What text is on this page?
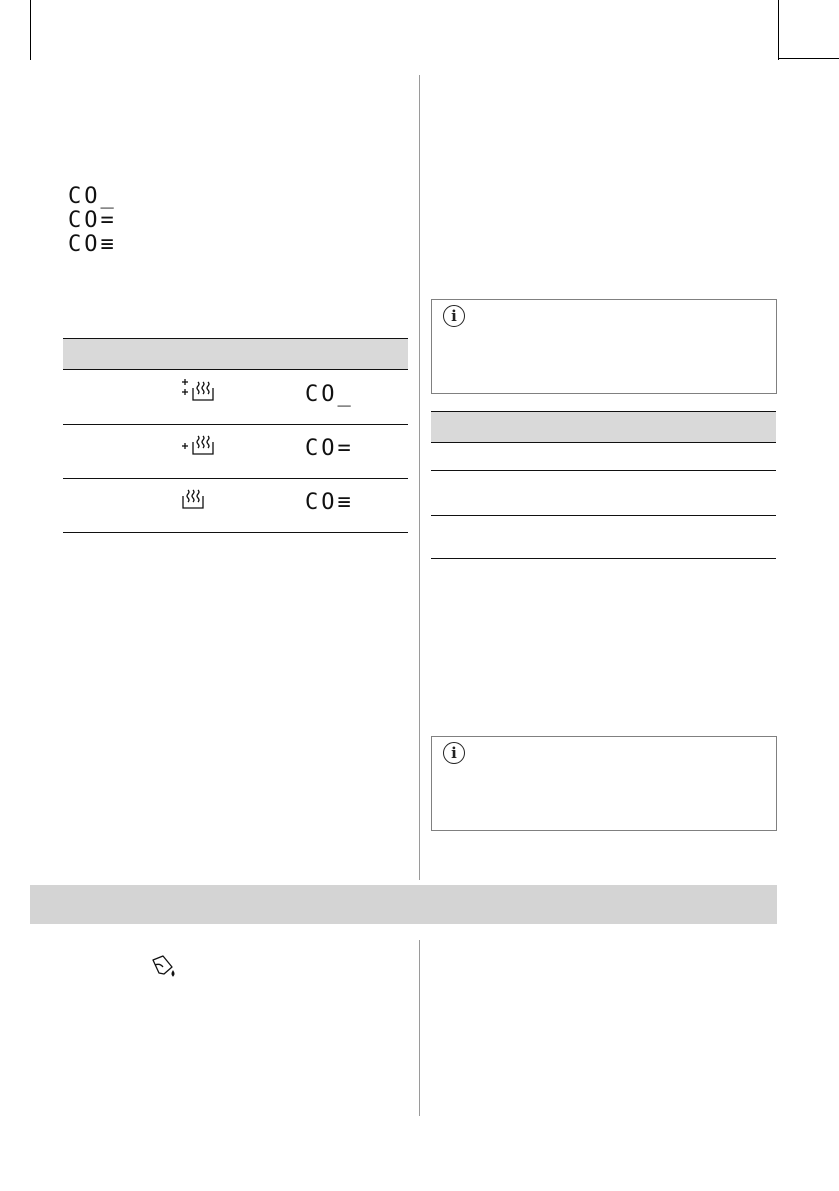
CO_
CO=
CO≡
CO_
CO=
CO≡
i
i
